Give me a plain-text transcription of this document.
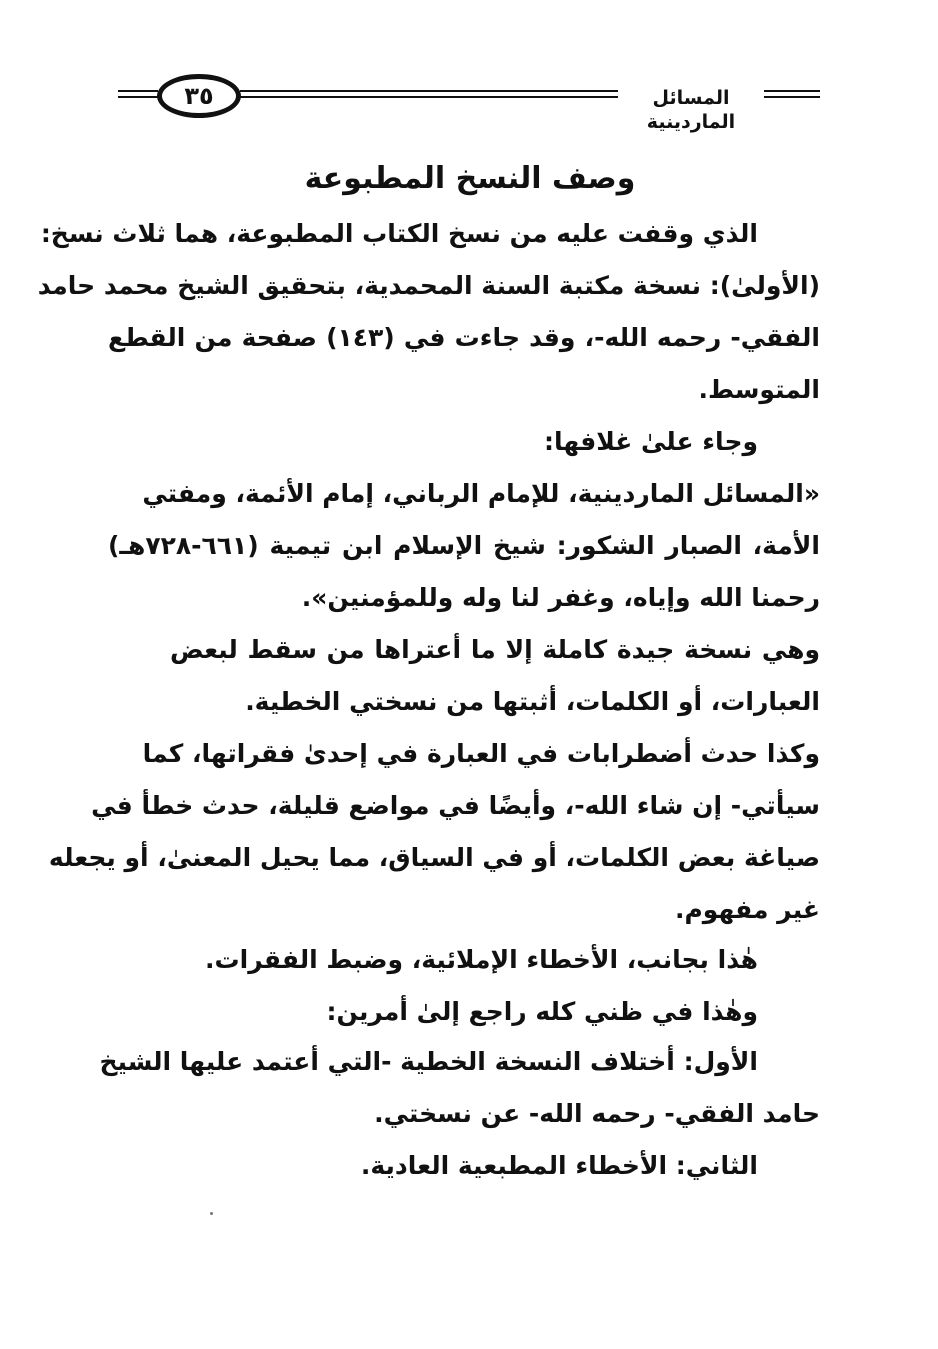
المسائل الماردينية
٣٥
وصف النسخ المطبوعة
الذي وقفت عليه من نسخ الكتاب المطبوعة، هما ثلاث نسخ:
(الأولىٰ): نسخة مكتبة السنة المحمدية، بتحقيق الشيخ محمد حامد
الفقي- رحمه الله-، وقد جاءت في (١٤٣) صفحة من القطع
المتوسط.
وجاء علىٰ غلافها:
«المسائل الماردينية، للإمام الرباني، إمام الأئمة، ومفتي
الأمة، الصبار الشكور: شيخ الإسلام ابن تيمية (٦٦١-٧٢٨هـ)
رحمنا الله وإياه، وغفر لنا وله وللمؤمنين».
وهي نسخة جيدة كاملة إلا ما أعتراها من سقط لبعض
العبارات، أو الكلمات، أثبتها من نسختي الخطية.
وكذا حدث أضطرابات في العبارة في إحدىٰ فقراتها، كما
سيأتي- إن شاء الله-، وأيضًا في مواضع قليلة، حدث خطأ في
صياغة بعض الكلمات، أو في السياق، مما يحيل المعنىٰ، أو يجعله
غير مفهوم.
هٰذا بجانب، الأخطاء الإملائية، وضبط الفقرات.
وهٰذا في ظني كله راجع إلىٰ أمرين:
الأول: أختلاف النسخة الخطية -التي أعتمد عليها الشيخ
حامد الفقي- رحمه الله- عن نسختي.
الثاني: الأخطاء المطبعية العادية.
